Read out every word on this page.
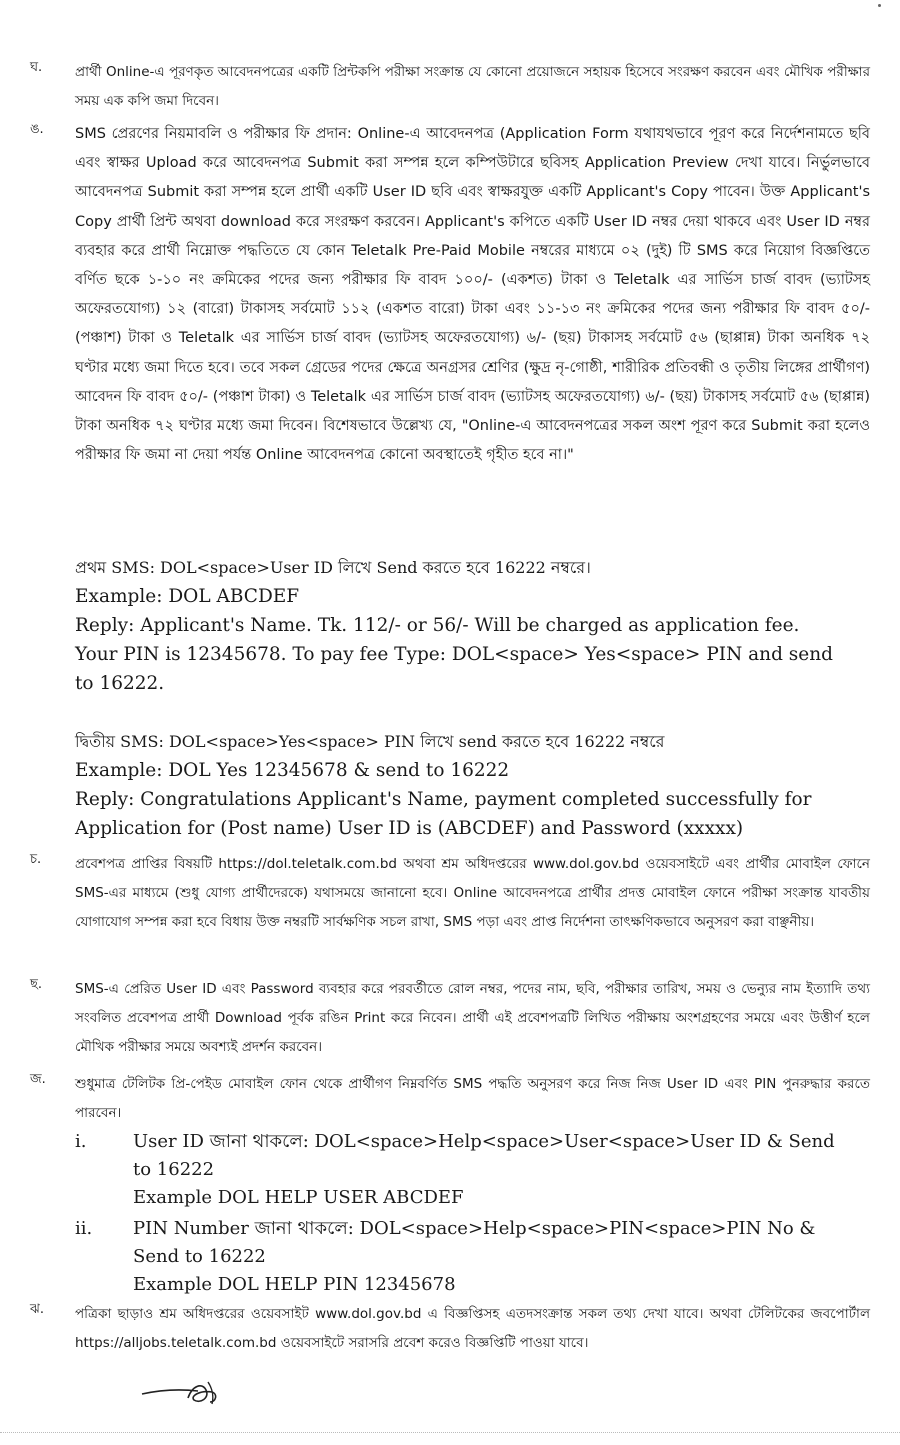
ঘ. প্রার্থী Online-এ পূরণকৃত আবেদনপত্রের একটি প্রিন্টকপি পরীক্ষা সংক্রান্ত যে কোনো প্রয়োজনে সহায়ক হিসেবে সংরক্ষণ করবেন এবং মৌখিক পরীক্ষার সময় এক কপি জমা দিবেন।
ঙ. SMS প্রেরণের নিয়মাবলি ও পরীক্ষার ফি প্রদান: Online-এ আবেদনপত্র (Application Form যথাযথভাবে পূরণ করে নির্দেশনামতে ছবি এবং স্বাক্ষর Upload করে আবেদনপত্র Submit করা সম্পন্ন হলে কম্পিউটারে ছবিসহ Application Preview দেখা যাবে। নির্ভুলভাবে আবেদনপত্র Submit করা সম্পন্ন হলে প্রার্থী একটি User ID ছবি এবং স্বাক্ষরযুক্ত একটি Applicant's Copy পাবেন। উক্ত Applicant's Copy প্রার্থী প্রিন্ট অথবা download করে সংরক্ষণ করবেন। Applicant's কপিতে একটি User ID নম্বর দেয়া থাকবে এবং User ID নম্বর ব্যবহার করে প্রার্থী নিম্নোক্ত পদ্ধতিতে যে কোন Teletalk Pre-Paid Mobile নম্বরের মাধ্যমে ০২ (দুই) টি SMS করে নিয়োগ বিজ্ঞপ্তিতে বর্ণিত ছকে ১-১০ নং ক্রমিকের পদের জন্য পরীক্ষার ফি বাবদ ১০০/- (একশত) টাকা ও Teletalk এর সার্ভিস চার্জ বাবদ (ভ্যাটসহ অফেরতযোগ্য) ১২ (বারো) টাকাসহ সর্বমোট ১১২ (একশত বারো) টাকা এবং ১১-১৩ নং ক্রমিকের পদের জন্য পরীক্ষার ফি বাবদ ৫০/- (পঞ্চাশ) টাকা ও Teletalk এর সার্ভিস চার্জ বাবদ (ভ্যাটসহ অফেরতযোগ্য) ৬/- (ছয়) টাকাসহ সর্বমোট ৫৬ (ছাপ্পান্ন) টাকা অনধিক ৭২ ঘণ্টার মধ্যে জমা দিতে হবে। তবে সকল গ্রেডের পদের ক্ষেত্রে অনগ্রসর শ্রেণির (ক্ষুদ্র নৃ-গোষ্ঠী, শারীরিক প্রতিবন্ধী ও তৃতীয় লিঙ্গের প্রার্থীগণ) আবেদন ফি বাবদ ৫০/- (পঞ্চাশ টাকা) ও Teletalk এর সার্ভিস চার্জ বাবদ (ভ্যাটসহ অফেরতযোগ্য) ৬/- (ছয়) টাকাসহ সর্বমোট ৫৬ (ছাপ্পান্ন) টাকা অনধিক ৭২ ঘণ্টার মধ্যে জমা দিবেন। বিশেষভাবে উল্লেখ্য যে, "Online-এ আবেদনপত্রের সকল অংশ পূরণ করে Submit করা হলেও পরীক্ষার ফি জমা না দেয়া পর্যন্ত Online আবেদনপত্র কোনো অবস্থাতেই গৃহীত হবে না।"
প্রথম SMS: DOL<space>User ID লিখে Send করতে হবে 16222 নম্বরে।
Example: DOL ABCDEF
Reply: Applicant's Name. Tk. 112/- or 56/- Will be charged as application fee.
Your PIN is 12345678. To pay fee Type: DOL<space> Yes<space> PIN and send
to 16222.
দ্বিতীয় SMS: DOL<space>Yes<space> PIN লিখে send করতে হবে 16222 নম্বরে
Example: DOL Yes 12345678 & send to 16222
Reply: Congratulations Applicant's Name, payment completed successfully for
Application for (Post name) User ID is (ABCDEF) and Password (xxxxx)
চ.	প্রবেশপত্র প্রাপ্তির বিষয়টি https://dol.teletalk.com.bd অথবা শ্রম অধিদপ্তরের www.dol.gov.bd ওয়েবসাইটে এবং প্রার্থীর মোবাইল ফোনে SMS-এর মাধ্যমে (শুধু যোগ্য প্রার্থীদেরকে) যথাসময়ে জানানো হবে। Online আবেদনপত্রে প্রার্থীর প্রদত্ত মোবাইল ফোনে পরীক্ষা সংক্রান্ত যাবতীয় যোগাযোগ সম্পন্ন করা হবে বিধায় উক্ত নম্বরটি সার্বক্ষণিক সচল রাখা, SMS পড়া এবং প্রাপ্ত নির্দেশনা তাৎক্ষণিকভাবে অনুসরণ করা বাঞ্ছনীয়।
ছ. SMS-এ প্রেরিত User ID এবং Password ব্যবহার করে পরবর্তীতে রোল নম্বর, পদের নাম, ছবি, পরীক্ষার তারিখ, সময় ও ভেন্যুর নাম ইত্যাদি তথ্য সংবলিত প্রবেশপত্র প্রার্থী Download পূর্বক রঙিন Print করে নিবেন। প্রার্থী এই প্রবেশপত্রটি লিখিত পরীক্ষায় অংশগ্রহণের সময়ে এবং উত্তীর্ণ হলে মৌখিক পরীক্ষার সময়ে অবশ্যই প্রদর্শন করবেন।
জ. শুধুমাত্র টেলিটক প্রি-পেইড মোবাইল ফোন থেকে প্রার্থীগণ নিম্নবর্ণিত SMS পদ্ধতি অনুসরণ করে নিজ নিজ User ID এবং PIN পুনরুদ্ধার করতে পারবেন।
i.	User ID জানা থাকলে: DOL<space>Help<space>User<space>User ID & Send
to 16222
Example DOL HELP USER ABCDEF
ii. PIN Number জানা থাকলে: DOL<space>Help<space>PIN<space>PIN No &
Send to 16222
Example DOL HELP PIN 12345678
ঝ. পত্রিকা ছাড়াও শ্রম অধিদপ্তরের ওয়েবসাইট www.dol.gov.bd এ বিজ্ঞপ্তিসহ এতদসংক্রান্ত সকল তথ্য দেখা যাবে। অথবা টেলিটকের জবপোর্টাল https://alljobs.teletalk.com.bd ওয়েবসাইটে সরাসরি প্রবেশ করেও বিজ্ঞপ্তিটি পাওয়া যাবে।
